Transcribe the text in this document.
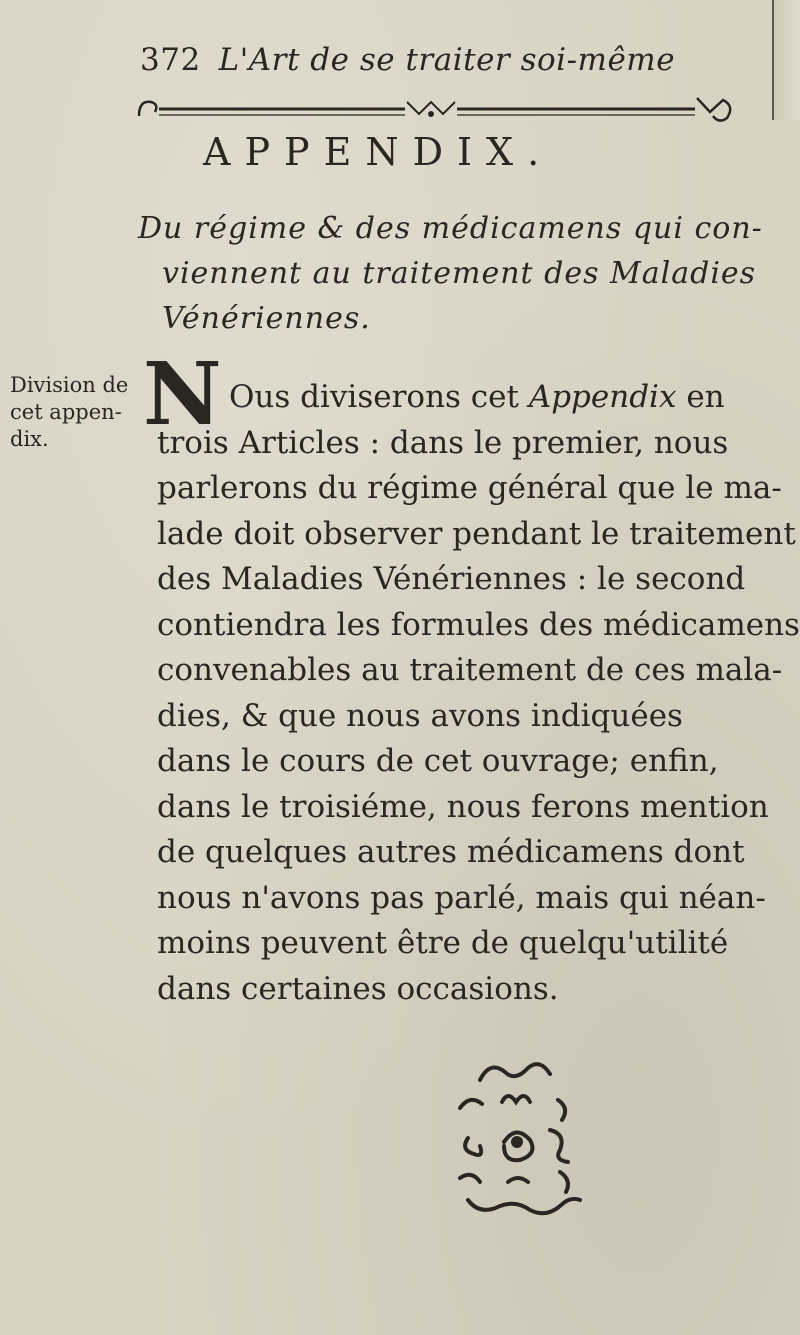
372 L'Art de se traiter soi-même
APPENDIX.
Du régime & des médicamens qui con-
viennent au traitement des Maladies
Vénériennes.
Division de
cet appen-
dix.	N Ous diviserons cet Appendix en
trois Articles : dans le premier, nous
parlerons du régime général que le ma-
lade doit observer pendant le traitement
des Maladies Vénériennes : le second
contiendra les formules des médicamens
convenables au traitement de ces mala-
dies, & que nous avons indiquées
dans le cours de cet ouvrage; enfin,
dans le troisiéme, nous ferons mention
de quelques autres médicamens dont
nous n'avons pas parlé, mais qui néan-
moins peuvent être de quelqu'utilité
dans certaines occasions.
